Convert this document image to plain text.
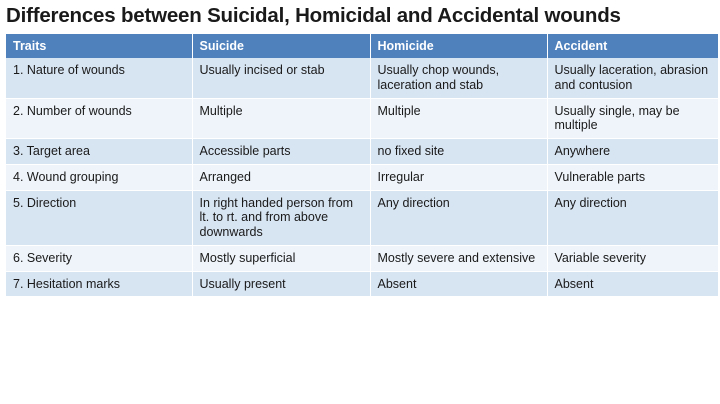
Differences between Suicidal, Homicidal and Accidental wounds
Traits	Suicide	Homicide	Accident
1. Nature of wounds	Usually incised or stab	Usually chop wounds, laceration and stab	Usually laceration, abrasion and contusion
2. Number of wounds	Multiple	Multiple	Usually single, may be multiple
3. Target area	Accessible parts	no fixed site	Anywhere
4. Wound grouping	Arranged	Irregular	Vulnerable parts
5. Direction	In right handed person from lt. to rt. and from above downwards	Any direction	Any direction
6. Severity	Mostly superficial	Mostly severe and extensive	Variable severity
7. Hesitation marks	Usually present	Absent	Absent
